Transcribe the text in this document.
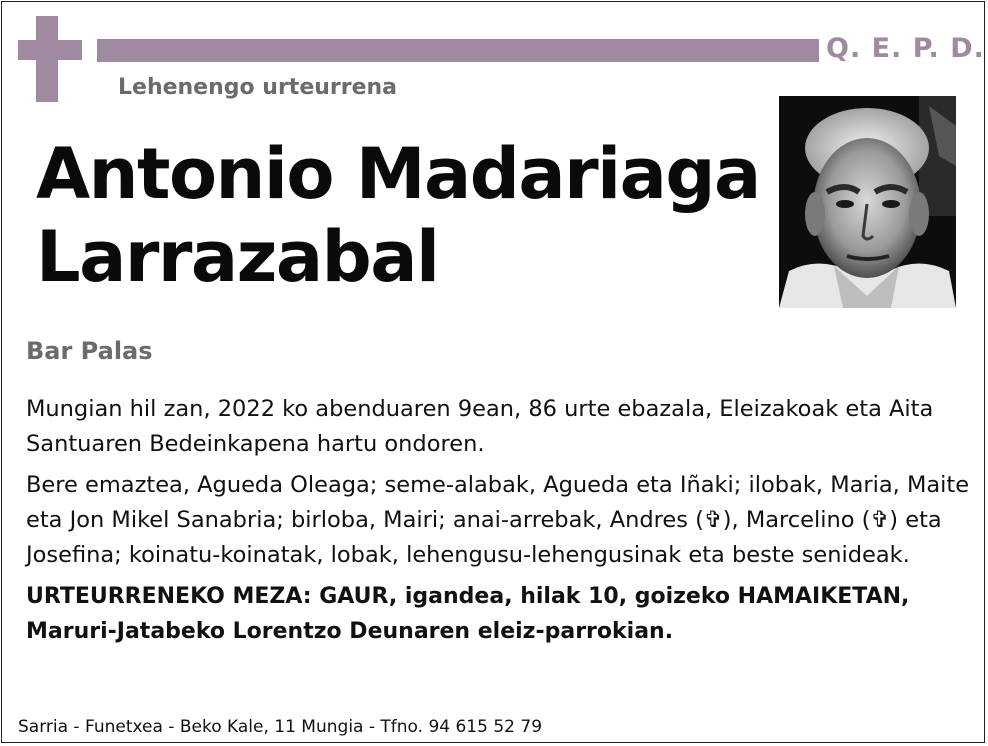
Q. E. P. D.
Lehenengo urteurrena
Antonio Madariaga
Larrazabal
Bar Palas

Mungian hil zan, 2022 ko abenduaren 9ean, 86 urte ebazala, Eleizakoak eta Aita Santuaren Bedeinkapena hartu ondoren.

Bere emaztea, Agueda Oleaga; seme-alabak, Agueda eta Iñaki; ilobak, Maria, Maite eta Jon Mikel Sanabria; birloba, Mairi; anai-arrebak, Andres (✞), Marcelino (✞) eta Josefina; koinatu-koinatak, lobak, lehengusu-lehengusinak eta beste senideak.

URTEURRENEKO MEZA: GAUR, igandea, hilak 10, goizeko HAMAIKETAN, Maruri-Jatabeko Lorentzo Deunaren eleiz-parrokian.

Sarria - Funetxea - Beko Kale, 11 Mungia - Tfno. 94 615 52 79
